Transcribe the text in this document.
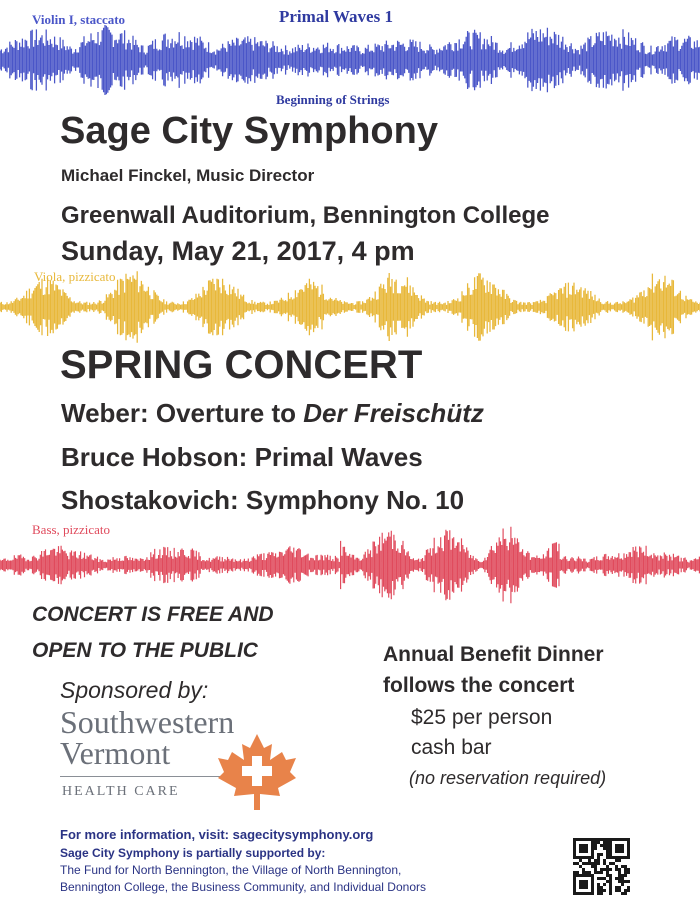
Violin I, staccato	Primal Waves 1
Beginning of Strings
Sage City Symphony
Michael Finckel, Music Director
Greenwall Auditorium, Bennington College
Sunday, May 21, 2017, 4 pm
Viola, pizzicato
SPRING CONCERT
Weber: Overture to Der Freischütz
Bruce Hobson: Primal Waves
Shostakovich: Symphony No. 10
Bass, pizzicato
CONCERT IS FREE AND
OPEN TO THE PUBLIC
Sponsored by:
Southwestern
Vermont
HEALTH CARE
Annual Benefit Dinner
follows the concert
$25 per person
cash bar
(no reservation required)
For more information, visit: sagecitysymphony.org
Sage City Symphony is partially supported by:
The Fund for North Bennington, the Village of North Bennington,
Bennington College, the Business Community, and Individual Donors
